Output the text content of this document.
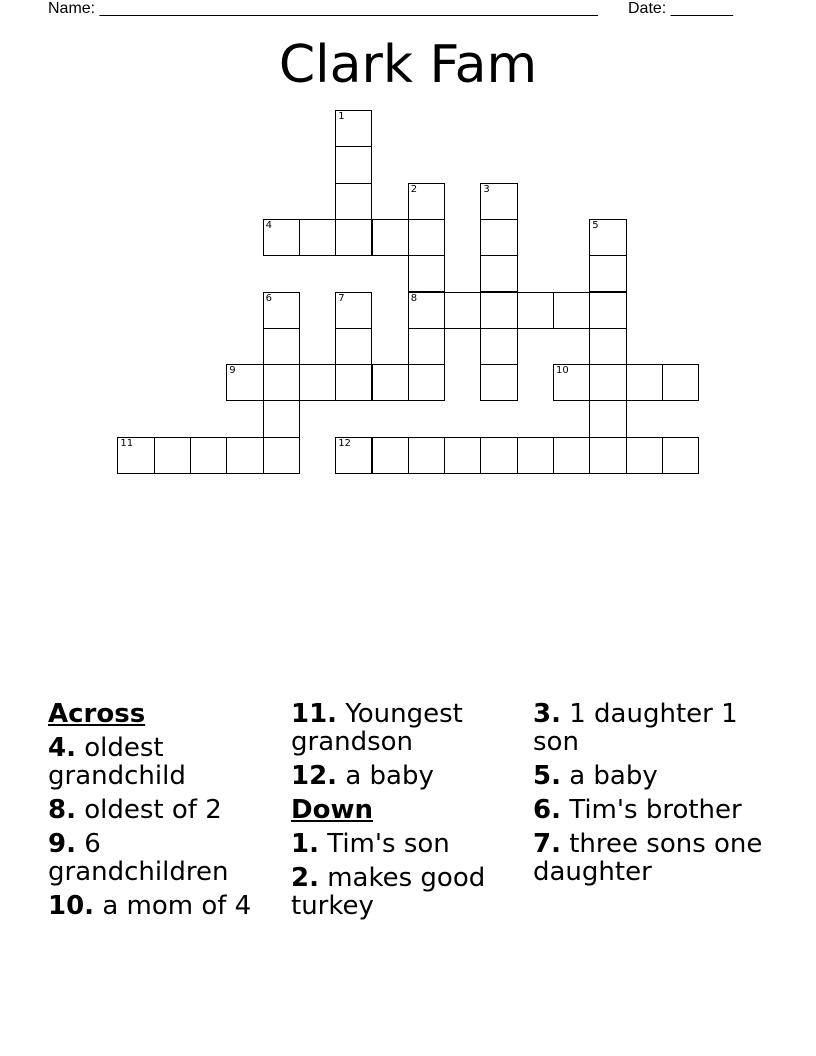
Name: ________________________________________________________ Date: _______
Clark Fam
1
2	3
4	5
6	7	8
9	10
11	12
Across
4. oldest grandchild
8. oldest of 2
9. 6 grandchildren
10. a mom of 4
11. Youngest grandson
12. a baby
Down
1. Tim's son
2. makes good turkey
3. 1 daughter 1 son
5. a baby
6. Tim's brother
7. three sons one daughter
